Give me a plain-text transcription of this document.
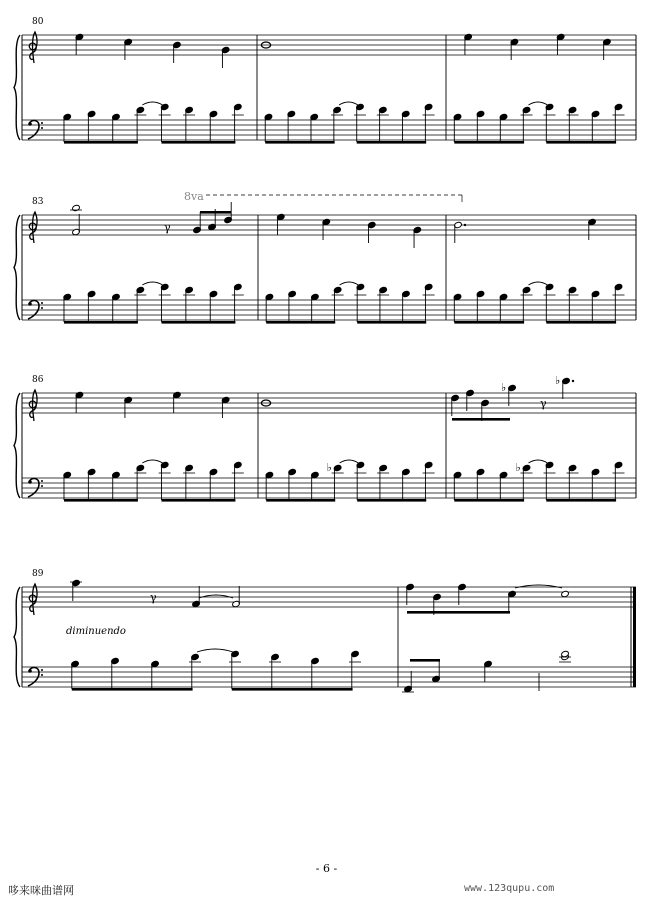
γ
♭
γ
♭
♭	♭
γ
80
83
86
89
8va
diminuendo
- 6 -
哆来咪曲谱网	www.123qupu.com
